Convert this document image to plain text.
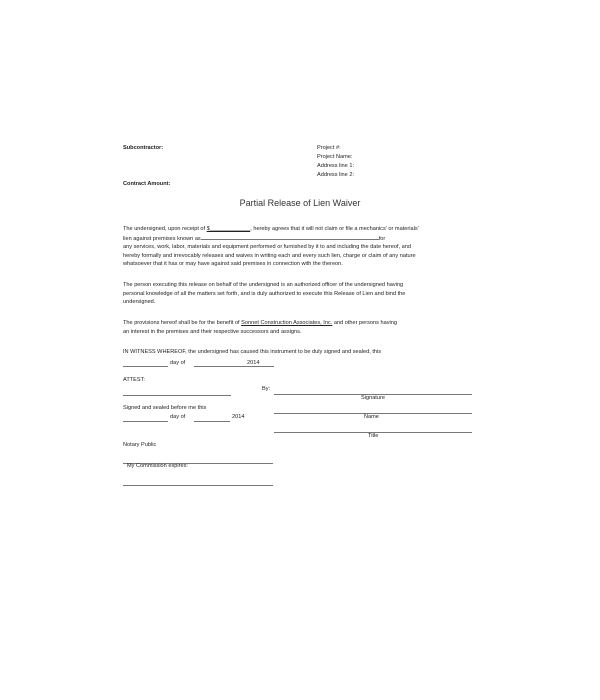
Subcontractor:
Contract Amount:
Project #:
Project Name:
Address line 1:
Address line 2:
Partial Release of Lien Waiver
The undersigned, upon receipt of $_____________, hereby agrees that it will not claim or file a mechanics' or materials'
lien against premises known as	for
any services, work, labor, materials and equipment performed or furnished by it to and including the date hereof, and
hereby formally and irrevocably releases and waives in writing each and every such lien, charge or claim of any nature
whatsoever that it has or may have against said premises in connection with the thereon.
The person executing this release on behalf of the undersigned is an authorized officer of the undersigned having
personal knowledge of all the matters set forth, and is duly authorized to execute this Release of Lien and bind the
undersigned.
The provisions hereof shall be for the benefit of Sonnet Construction Associates, Inc. and other persons having
an interest in the premises and their respective successors and assigns.
IN WITNESS WHEREOF, the undersigned has caused this instrument to be duly signed and sealed, this
day of	2014
ATTEST:
By:
Signature
Name
Title
Signed and sealed before me this
day of	2014
Notary Public
My Commission expires:
